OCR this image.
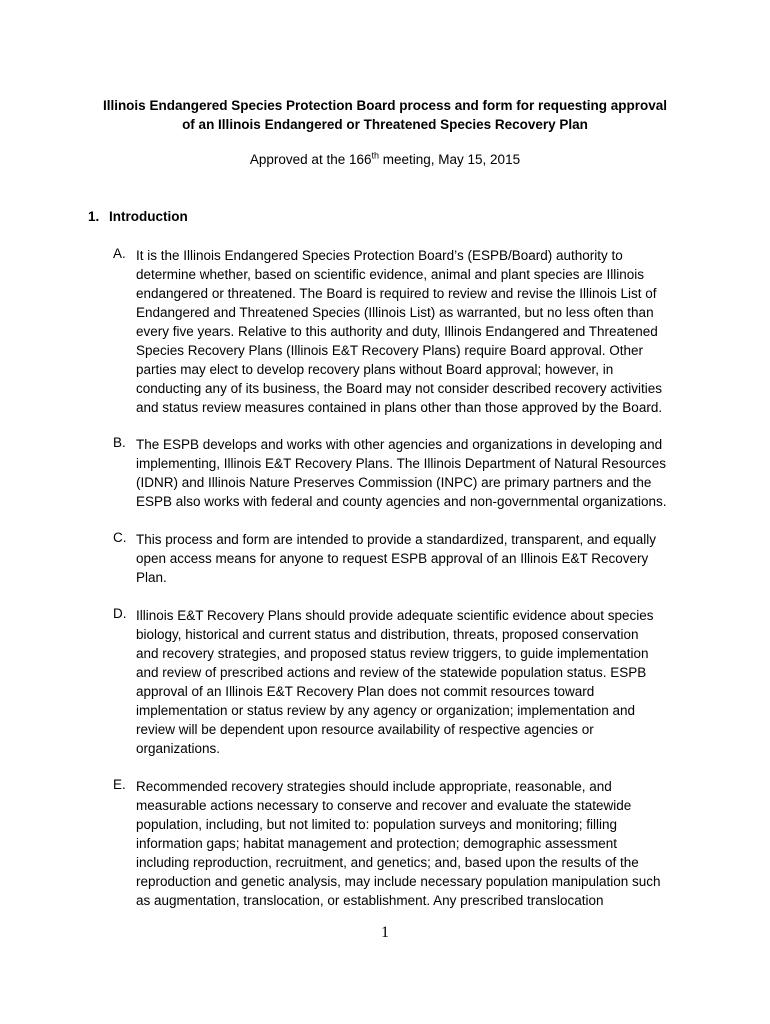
Illinois Endangered Species Protection Board process and form for requesting approval
of an Illinois Endangered or Threatened Species Recovery Plan
Approved at the 166th meeting, May 15, 2015
1. Introduction
A. It is the Illinois Endangered Species Protection Board’s (ESPB/Board) authority to
determine whether, based on scientific evidence, animal and plant species are Illinois
endangered or threatened. The Board is required to review and revise the Illinois List of
Endangered and Threatened Species (Illinois List) as warranted, but no less often than
every five years. Relative to this authority and duty, Illinois Endangered and Threatened
Species Recovery Plans (Illinois E&T Recovery Plans) require Board approval. Other
parties may elect to develop recovery plans without Board approval; however, in
conducting any of its business, the Board may not consider described recovery activities
and status review measures contained in plans other than those approved by the Board.
B. The ESPB develops and works with other agencies and organizations in developing and
implementing, Illinois E&T Recovery Plans. The Illinois Department of Natural Resources
(IDNR) and Illinois Nature Preserves Commission (INPC) are primary partners and the
ESPB also works with federal and county agencies and non-governmental organizations.
C. This process and form are intended to provide a standardized, transparent, and equally
open access means for anyone to request ESPB approval of an Illinois E&T Recovery
Plan.
D. Illinois E&T Recovery Plans should provide adequate scientific evidence about species
biology, historical and current status and distribution, threats, proposed conservation
and recovery strategies, and proposed status review triggers, to guide implementation
and review of prescribed actions and review of the statewide population status. ESPB
approval of an Illinois E&T Recovery Plan does not commit resources toward
implementation or status review by any agency or organization; implementation and
review will be dependent upon resource availability of respective agencies or
organizations.
E. Recommended recovery strategies should include appropriate, reasonable, and
measurable actions necessary to conserve and recover and evaluate the statewide
population, including, but not limited to: population surveys and monitoring; filling
information gaps; habitat management and protection; demographic assessment
including reproduction, recruitment, and genetics; and, based upon the results of the
reproduction and genetic analysis, may include necessary population manipulation such
as augmentation, translocation, or establishment. Any prescribed translocation
1
